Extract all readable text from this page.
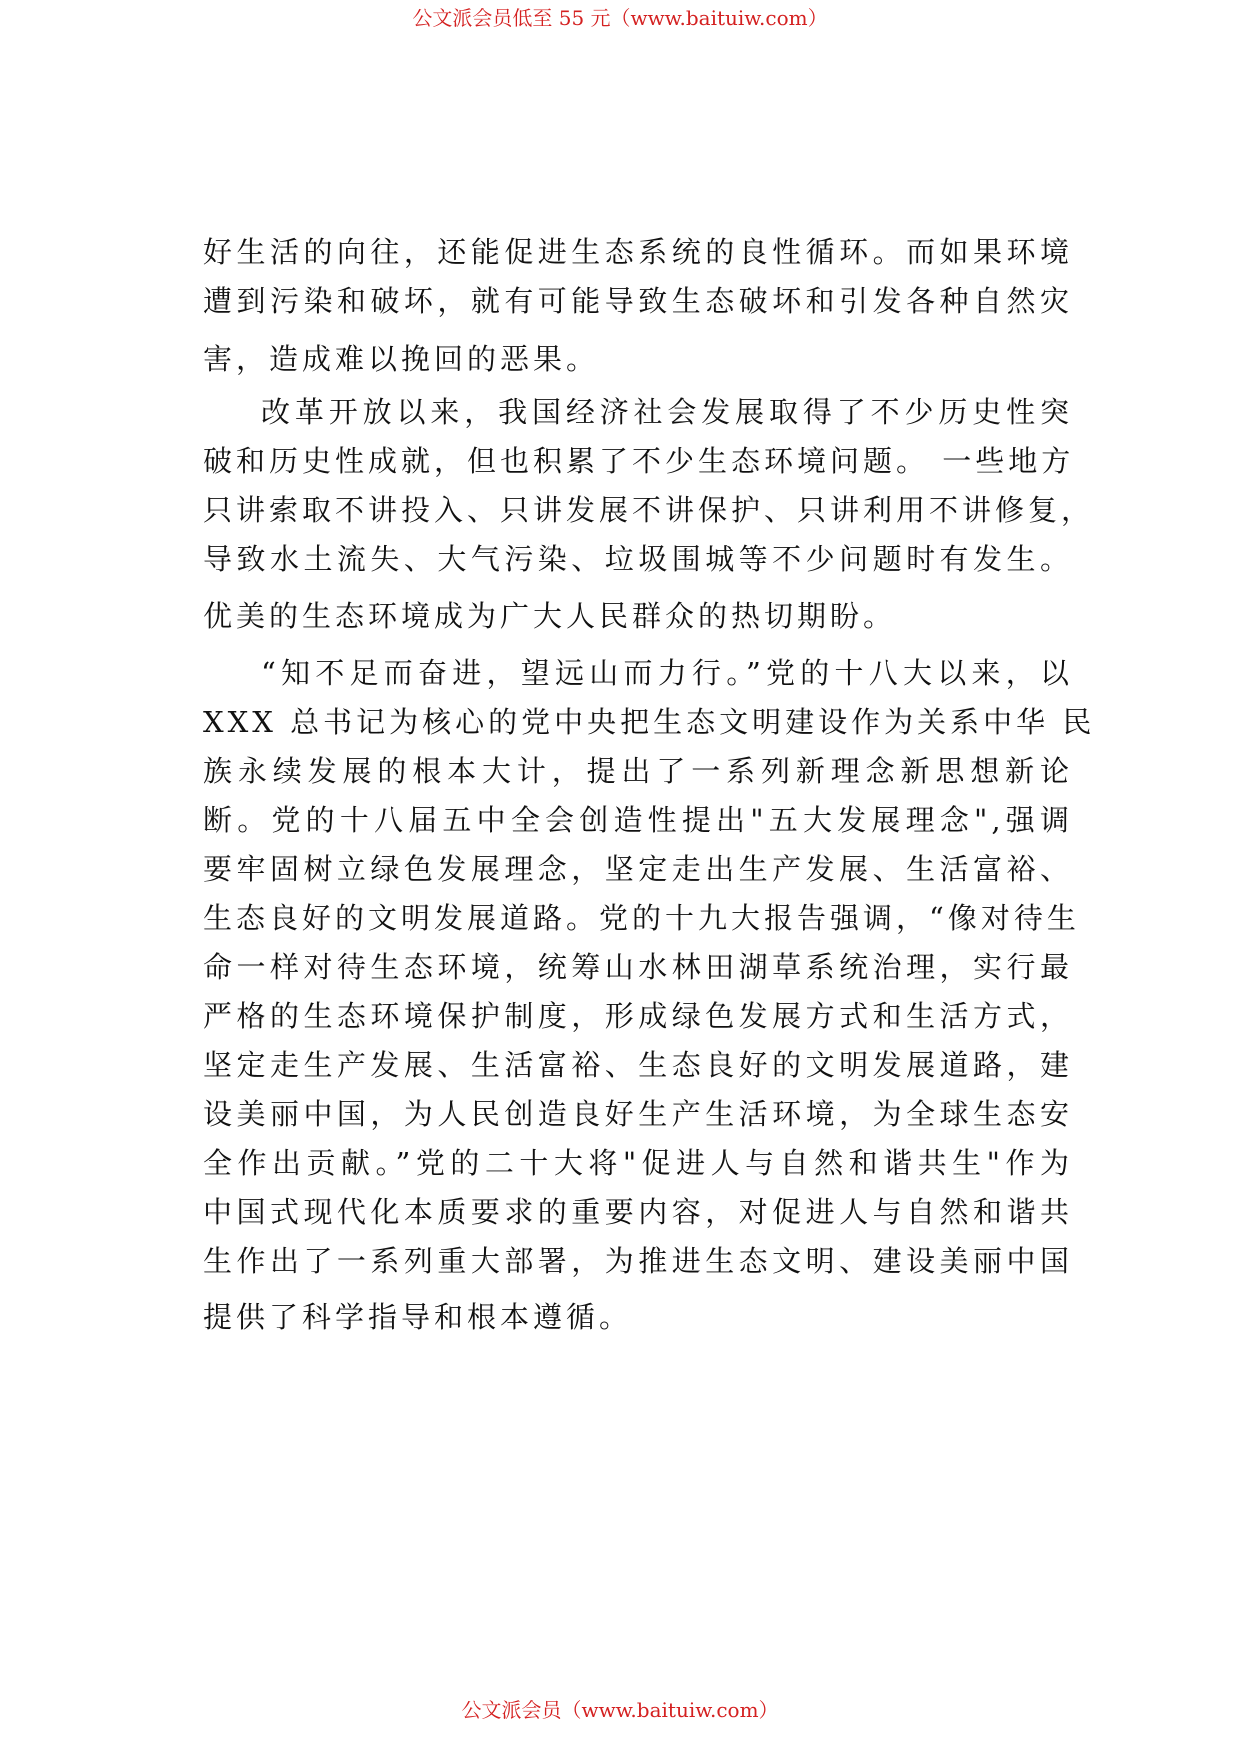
公文派会员低至 55 元（www.baituiw.com）
好生活的向往，还能促进生态系统的良性循环。而如果环境
遭到污染和破坏，就有可能导致生态破坏和引发各种自然灾
害，造成难以挽回的恶果。
改革开放以来，我国经济社会发展取得了不少历史性突
破和历史性成就，但也积累了不少生态环境问题。 一些地方
只讲索取不讲投入、只讲发展不讲保护、只讲利用不讲修复，
导致水土流失、大气污染、垃圾围城等不少问题时有发生。
优美的生态环境成为广大人民群众的热切期盼。
“知不足而奋进，望远山而力行。”党的十八大以来，以
XXX 总书记为核心的党中央把生态文明建设作为关系中华 民
族永续发展的根本大计，提出了一系列新理念新思想新论
断。党的十八届五中全会创造性提出"五大发展理念",强调
要牢固树立绿色发展理念，坚定走出生产发展、生活富裕、
生态良好的文明发展道路。党的十九大报告强调，“像对待生
命一样对待生态环境，统筹山水林田湖草系统治理，实行最
严格的生态环境保护制度，形成绿色发展方式和生活方式，
坚定走生产发展、生活富裕、生态良好的文明发展道路，建
设美丽中国，为人民创造良好生产生活环境，为全球生态安
全作出贡献。”党的二十大将"促进人与自然和谐共生"作为
中国式现代化本质要求的重要内容，对促进人与自然和谐共
生作出了一系列重大部署，为推进生态文明、建设美丽中国
提供了科学指导和根本遵循。
公文派会员（www.baituiw.com）
